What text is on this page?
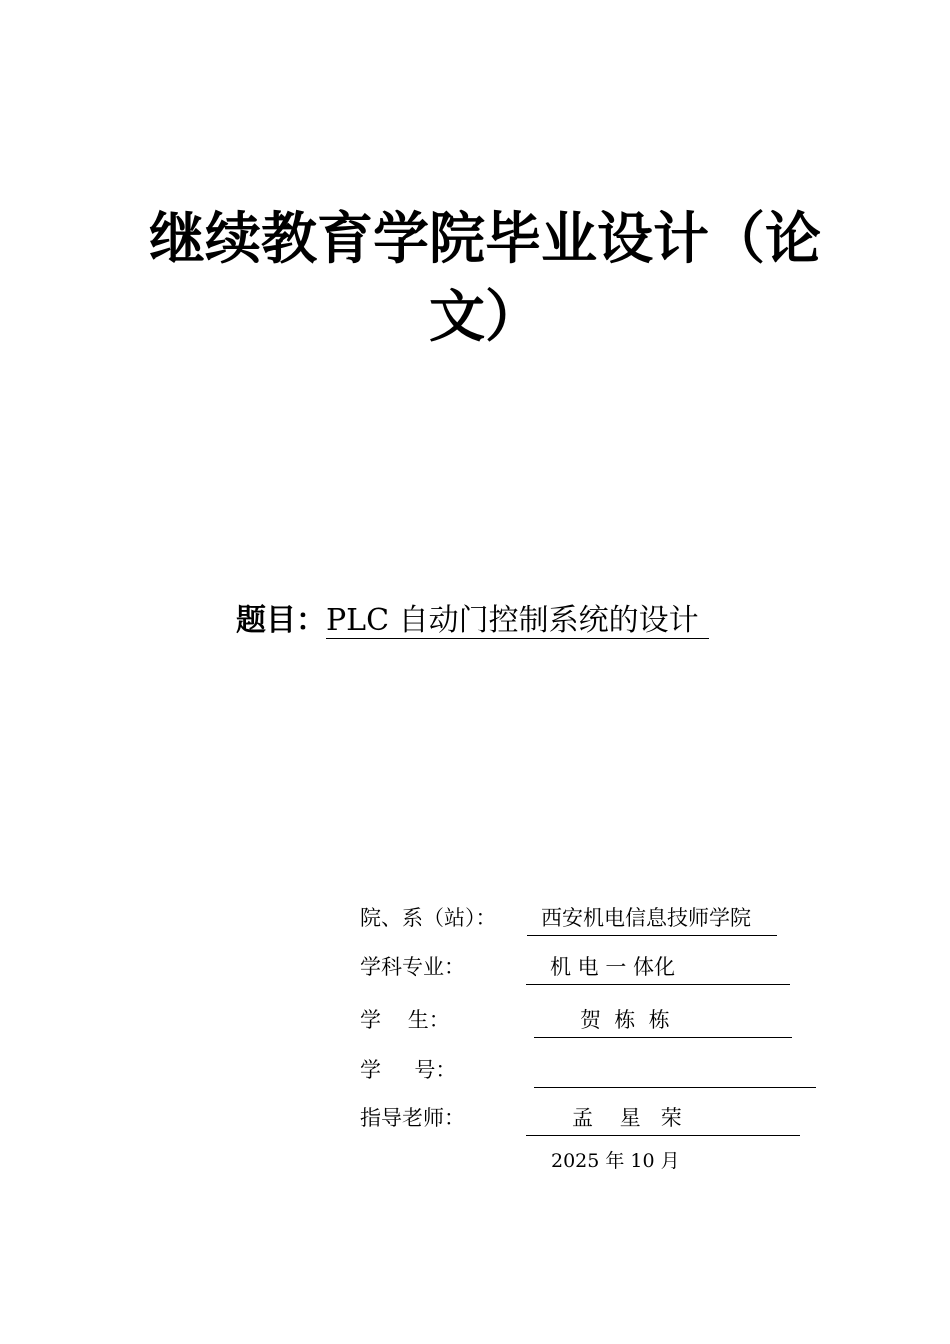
继续教育学院毕业设计（论
文）
题目：PLC 自动门控制系统的设计
院、系（站）： 西安机电信息技师学院
学科专业：	机 电 一 体化
学    生：	贺  栋  栋
学     号：
指导老师：	孟    星   荣
2025 年 10 月
